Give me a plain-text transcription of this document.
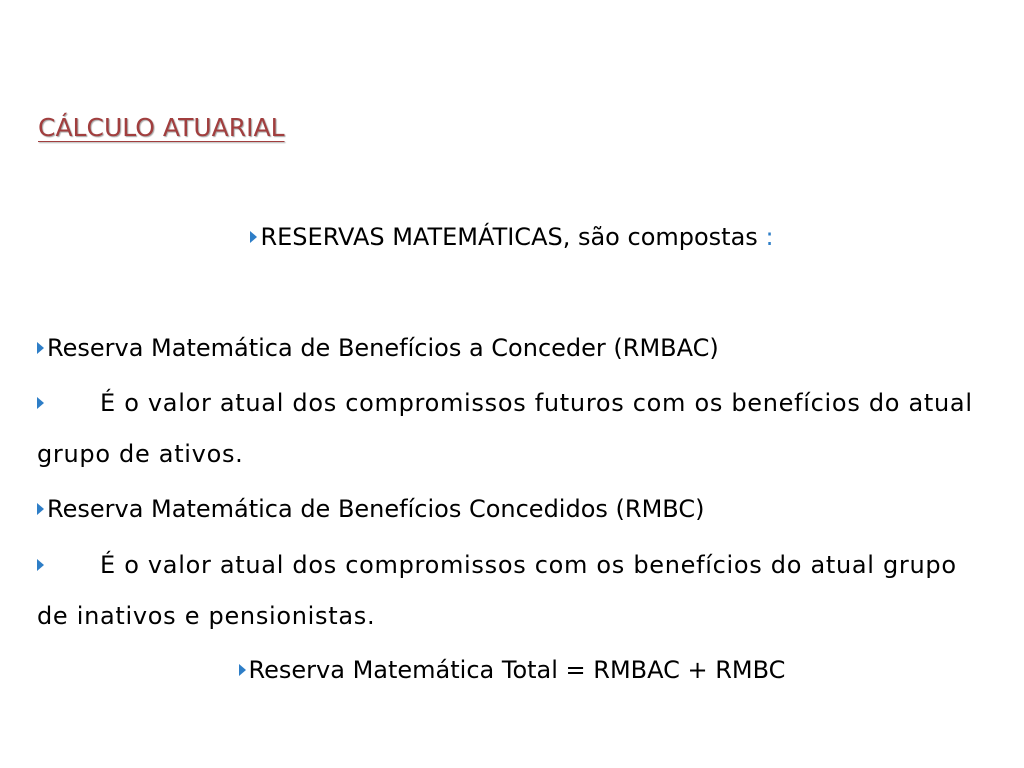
CÁLCULO ATUARIAL

RESERVAS MATEMÁTICAS, são compostas :

Reserva Matemática de Benefícios a Conceder (RMBAC)

É o valor atual dos compromissos futuros com os benefícios do atual grupo de ativos.

Reserva Matemática de Benefícios Concedidos (RMBC)

É o valor atual dos compromissos com os benefícios do atual grupo de inativos e pensionistas.

Reserva Matemática Total = RMBAC + RMBC
